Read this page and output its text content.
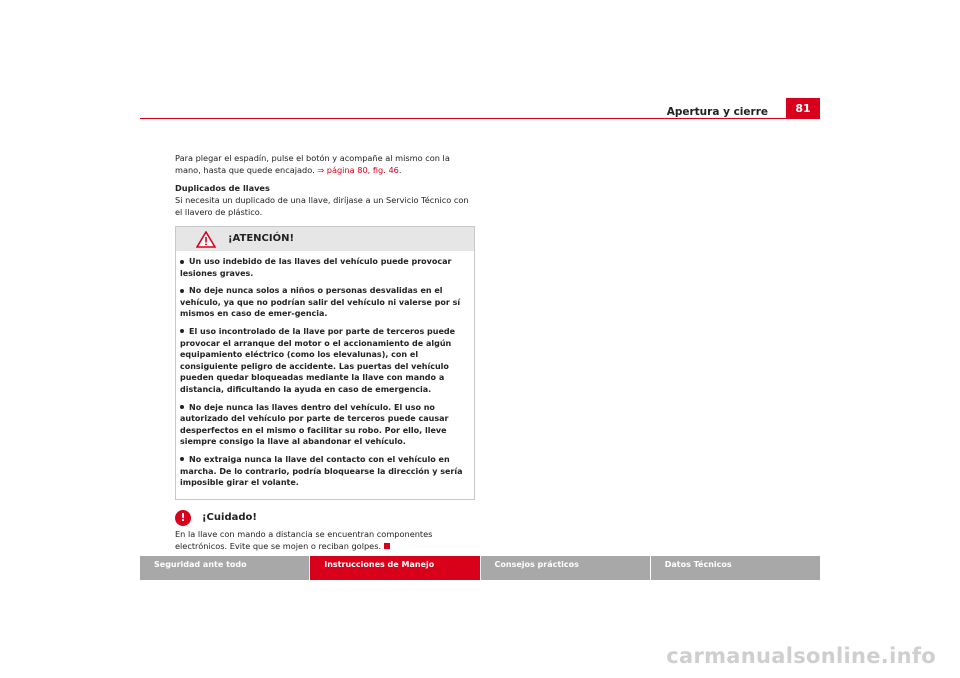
Apertura y cierre	81

Para plegar el espadín, pulse el botón y acompañe al mismo con la mano, hasta que quede encajado. ⇒ página 80, fig. 46.

Duplicados de llaves

Si necesita un duplicado de una llave, diríjase a un Servicio Técnico con el llavero de plástico.

¡ATENCIÓN!

Un uso indebido de las llaves del vehículo puede provocar lesiones graves.

No deje nunca solos a niños o personas desvalidas en el vehículo, ya que no podrían salir del vehículo ni valerse por sí mismos en caso de emer-gencia.

El uso incontrolado de la llave por parte de terceros puede provocar el arranque del motor o el accionamiento de algún equipamiento eléctrico (como los elevalunas), con el consiguiente peligro de accidente. Las puertas del vehículo pueden quedar bloqueadas mediante la llave con mando a distancia, dificultando la ayuda en caso de emergencia.

No deje nunca las llaves dentro del vehículo. El uso no autorizado del vehículo por parte de terceros puede causar desperfectos en el mismo o facilitar su robo. Por ello, lleve siempre consigo la llave al abandonar el vehículo.

No extraiga nunca la llave del contacto con el vehículo en marcha. De lo contrario, podría bloquearse la dirección y sería imposible girar el volante.

!	¡Cuidado!

En la llave con mando a distancia se encuentran componentes electrónicos. Evite que se mojen o reciban golpes.

Seguridad ante todo	Instrucciones de Manejo	Consejos prácticos	Datos Técnicos
carmanualsonline.info
